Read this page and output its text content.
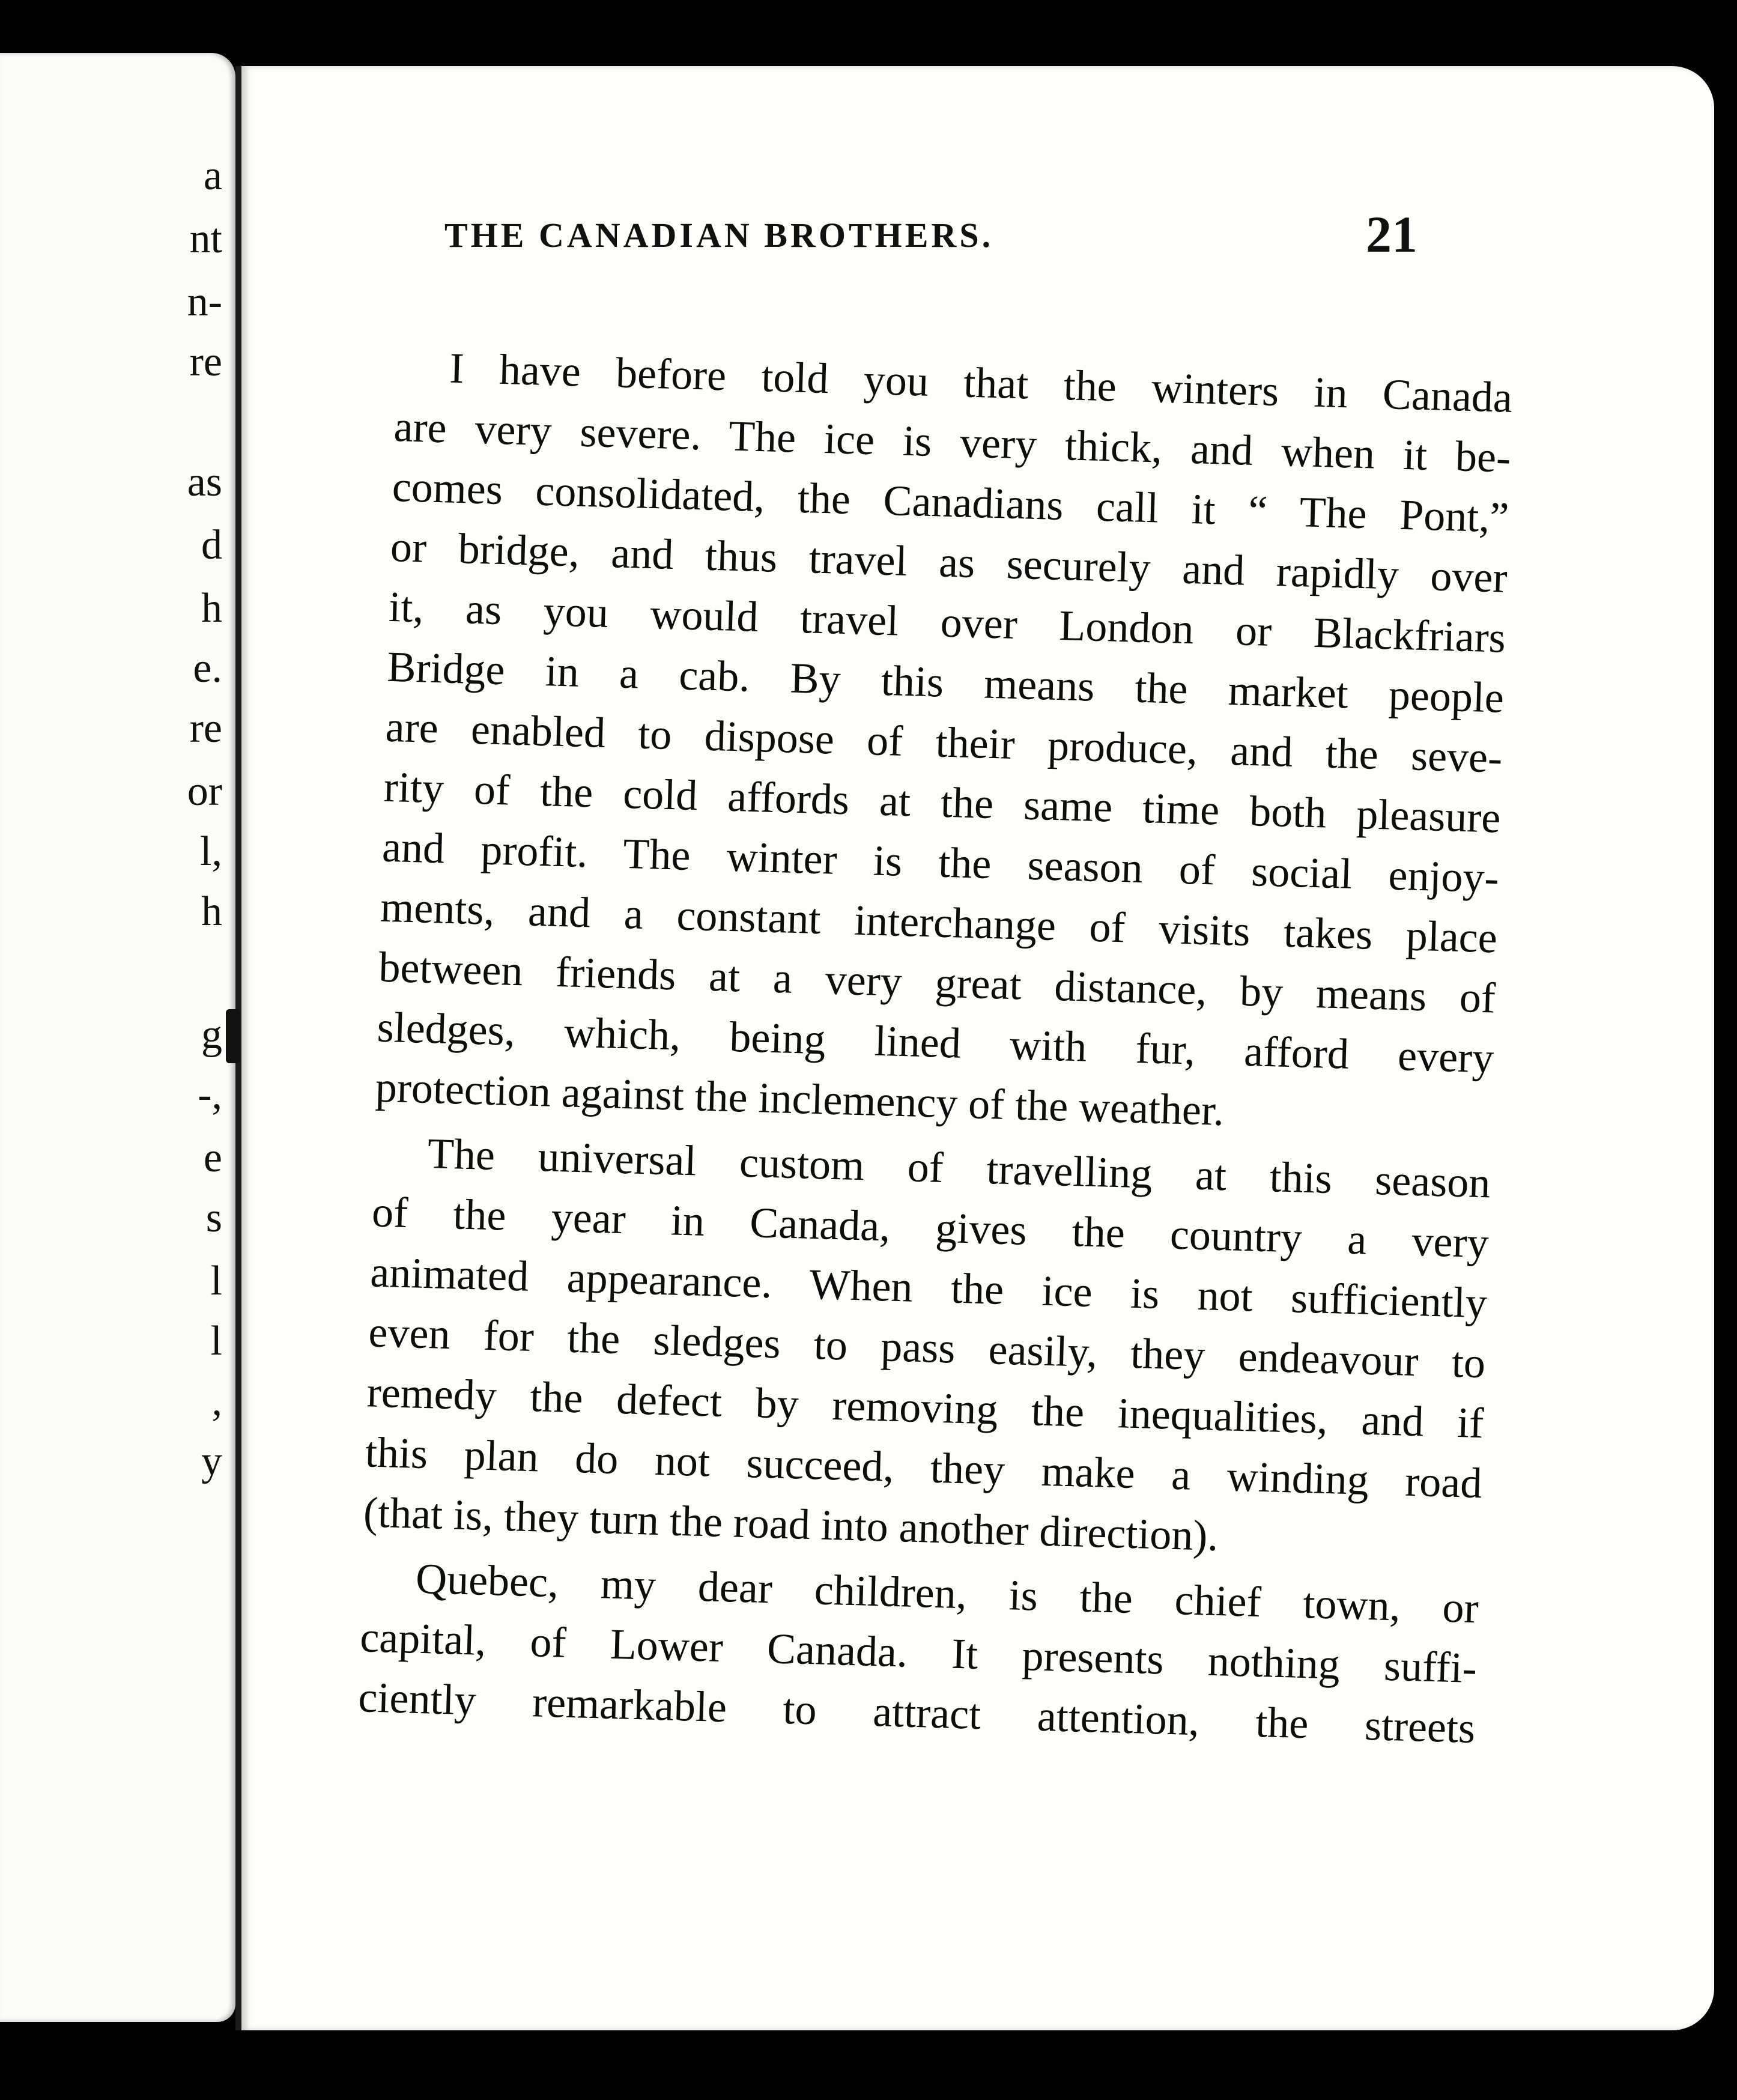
a
nt
n-
re
as
d
h
e.
re
or
l,
h
g
-,
e
s
l
l
,
y
THE CANADIAN BROTHERS.	21
I have before told you that the winters in Canada
are very severe. The ice is very thick, and when it be-
comes consolidated, the Canadians call it “ The Pont,”
or bridge, and thus travel as securely and rapidly over
it, as you would travel over London or Blackfriars
Bridge in a cab. By this means the market people
are enabled to dispose of their produce, and the seve-
rity of the cold affords at the same time both pleasure
and profit. The winter is the season of social enjoy-
ments, and a constant interchange of visits takes place
between friends at a very great distance, by means of
sledges, which, being lined with fur, afford every
protection against the inclemency of the weather.
The universal custom of travelling at this season
of the year in Canada, gives the country a very
animated appearance. When the ice is not sufficiently
even for the sledges to pass easily, they endeavour to
remedy the defect by removing the inequalities, and if
this plan do not succeed, they make a winding road
(that is, they turn the road into another direction).
Quebec, my dear children, is the chief town, or
capital, of Lower Canada. It presents nothing suffi-
ciently remarkable to attract attention, the streets
